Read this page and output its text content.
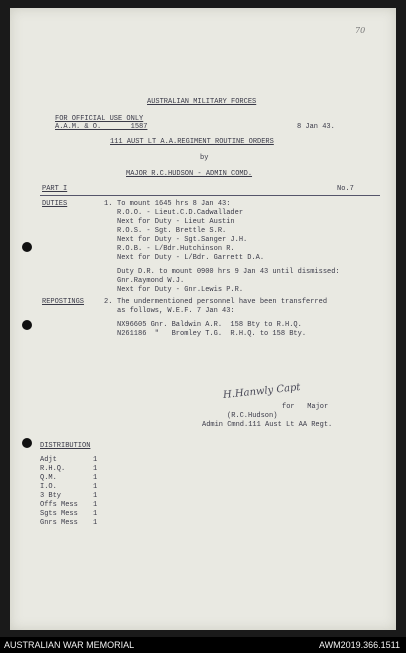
70
AUSTRALIAN MILITARY FORCES
FOR OFFICIAL USE ONLY
A.A.M. & O.       1587	8 Jan 43.
111 AUST LT A.A.REGIMENT ROUTINE ORDERS
by
MAJOR R.C.HUDSON - ADMIN COMD.
PART I	No.7
DUTIES	1. To mount 1645 hrs 8 Jan 43:
R.O.O. - Lieut.C.D.Cadwallader
Next for Duty - Lieut Austin
R.O.S. - Sgt. Brettle S.R.
Next for Duty - Sgt.Sanger J.H.
R.O.B. - L/Bdr.Hutchinson R.
Next for Duty - L/Bdr. Garrett D.A.
Duty D.R. to mount 0900 hrs 9 Jan 43 until dismissed:
Gnr.Raymond W.J.
Next for Duty - Gnr.Lewis P.R.
REPOSTINGS	2. The undermentioned personnel have been transferred
as follows, W.E.F. 7 Jan 43:
NX96605 Gnr. Baldwin A.R.  158 Bty to R.H.Q.
N261186  "   Bromley T.G.  R.H.Q. to 158 Bty.
H.Hanwly Capt
for   Major
(R.C.Hudson)
Admin Cmnd.111 Aust Lt AA Regt.
DISTRIBUTION
Adjt	1
R.H.Q.	1
Q.M.	1
I.O.	1
3 Bty	1
Offs Mess 1
Sgts Mess 1
Gnrs Mess 1
AUSTRALIAN WAR MEMORIAL	AWM2019.366.1511
